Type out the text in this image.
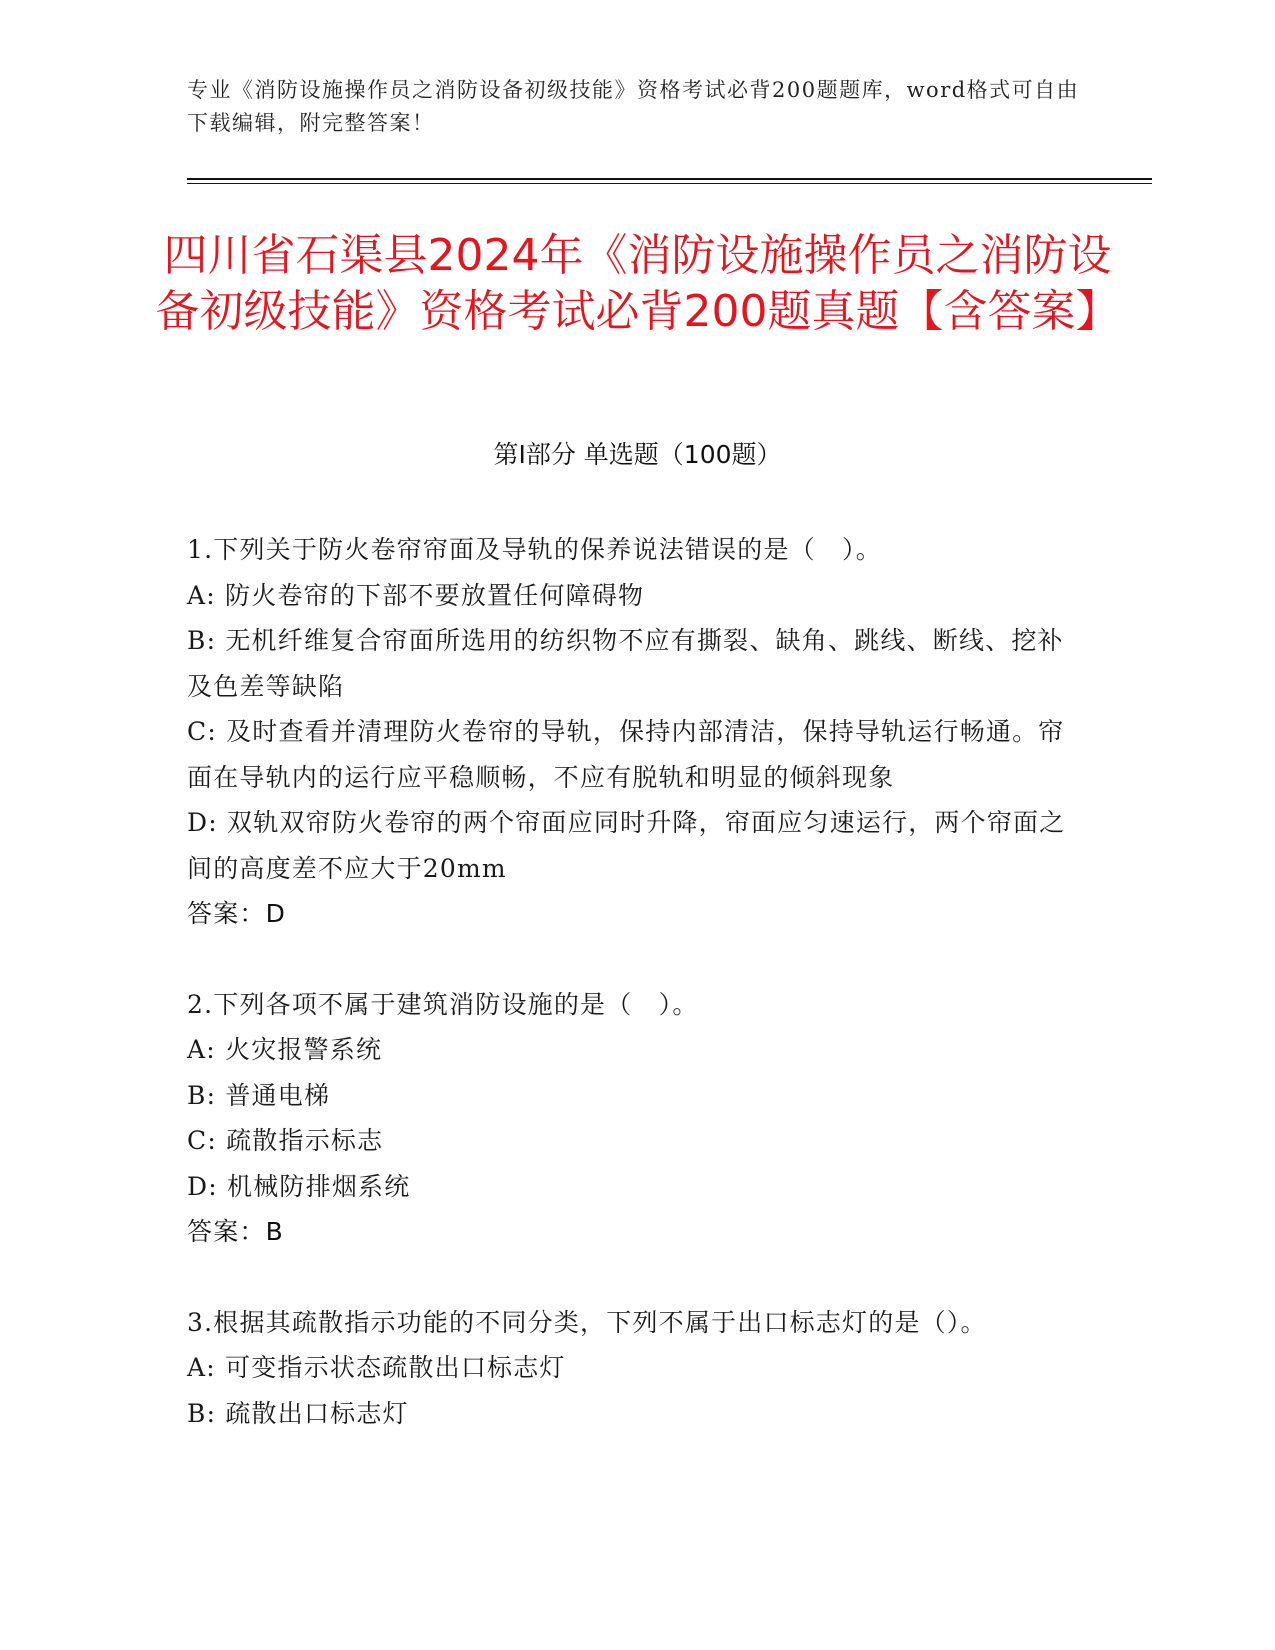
专业《消防设施操作员之消防设备初级技能》资格考试必背200题题库，word格式可自由下载编辑，附完整答案！
四川省石渠县2024年《消防设施操作员之消防设备初级技能》资格考试必背200题真题【含答案】
第Ⅰ部分 单选题（100题）
1.下列关于防火卷帘帘面及导轨的保养说法错误的是（　）。
A: 防火卷帘的下部不要放置任何障碍物
B: 无机纤维复合帘面所选用的纺织物不应有撕裂、缺角、跳线、断线、挖补及色差等缺陷
C: 及时查看并清理防火卷帘的导轨，保持内部清洁，保持导轨运行畅通。帘面在导轨内的运行应平稳顺畅，不应有脱轨和明显的倾斜现象
D: 双轨双帘防火卷帘的两个帘面应同时升降，帘面应匀速运行，两个帘面之间的高度差不应大于20mm
答案：D
2.下列各项不属于建筑消防设施的是（　）。
A: 火灾报警系统
B: 普通电梯
C: 疏散指示标志
D: 机械防排烟系统
答案：B
3.根据其疏散指示功能的不同分类，下列不属于出口标志灯的是（）。
A: 可变指示状态疏散出口标志灯
B: 疏散出口标志灯
